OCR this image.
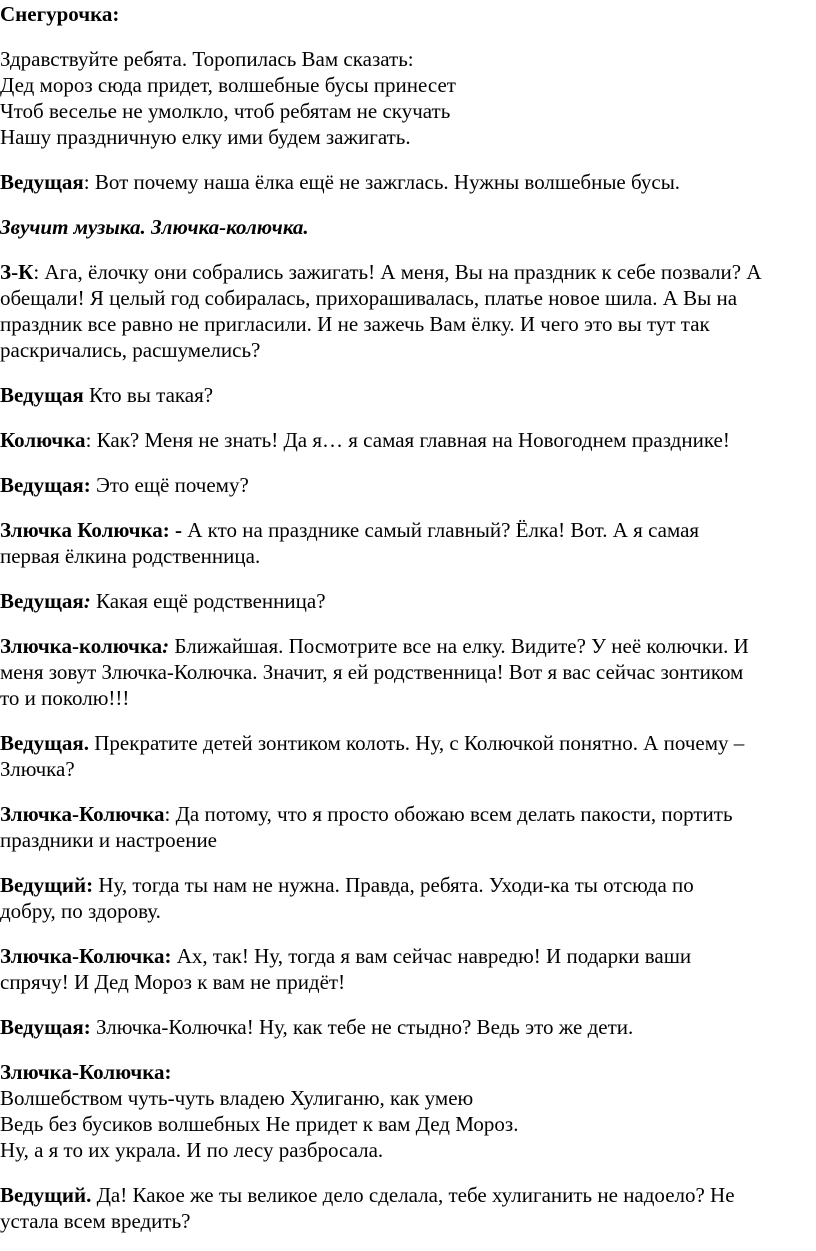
Снегурочка:
Здравствуйте ребята. Торопилась Вам сказать:
Дед мороз сюда придет, волшебные бусы принесет
Чтоб веселье не умолкло, чтоб ребятам не скучать
Нашу праздничную елку ими будем зажигать.
Ведущая: Вот почему наша ёлка ещё не зажглась. Нужны волшебные бусы.
Звучит музыка. Злючка-колючка.
З-К: Ага, ёлочку они собрались зажигать! А меня, Вы на праздник к себе позвали? А
обещали! Я целый год собиралась, прихорашивалась, платье новое шила. А Вы на
праздник все равно не пригласили. И не зажечь Вам ёлку. И чего это вы тут так
раскричались, расшумелись?
Ведущая Кто вы такая?
Колючка: Как? Меня не знать! Да я… я самая главная на Новогоднем празднике!
Ведущая: Это ещё почему?
Злючка Колючка: - А кто на празднике самый главный? Ёлка! Вот. А я самая
первая ёлкина родственница.
Ведущая: Какая ещё родственница?
Злючка-колючка: Ближайшая. Посмотрите все на елку. Видите? У неё колючки. И
меня зовут Злючка-Колючка. Значит, я ей родственница! Вот я вас сейчас зонтиком
то и поколю!!!
Ведущая. Прекратите детей зонтиком колоть. Ну, с Колючкой понятно. А почему –
Злючка?
Злючка-Колючка: Да потому, что я просто обожаю всем делать пакости, портить
праздники и настроение
Ведущий: Ну, тогда ты нам не нужна. Правда, ребята. Уходи-ка ты отсюда по
добру, по здорову.
Злючка-Колючка: Ах, так! Ну, тогда я вам сейчас навредю! И подарки ваши
спрячу! И Дед Мороз к вам не придёт!
Ведущая: Злючка-Колючка! Ну, как тебе не стыдно? Ведь это же дети.
Злючка-Колючка:
Волшебством чуть-чуть владею Хулиганю, как умею
Ведь без бусиков волшебных Не придет к вам Дед Мороз.
Ну, а я то их украла. И по лесу разбросала.
Ведущий. Да! Какое же ты великое дело сделала, тебе хулиганить не надоело? Не
устала всем вредить?
